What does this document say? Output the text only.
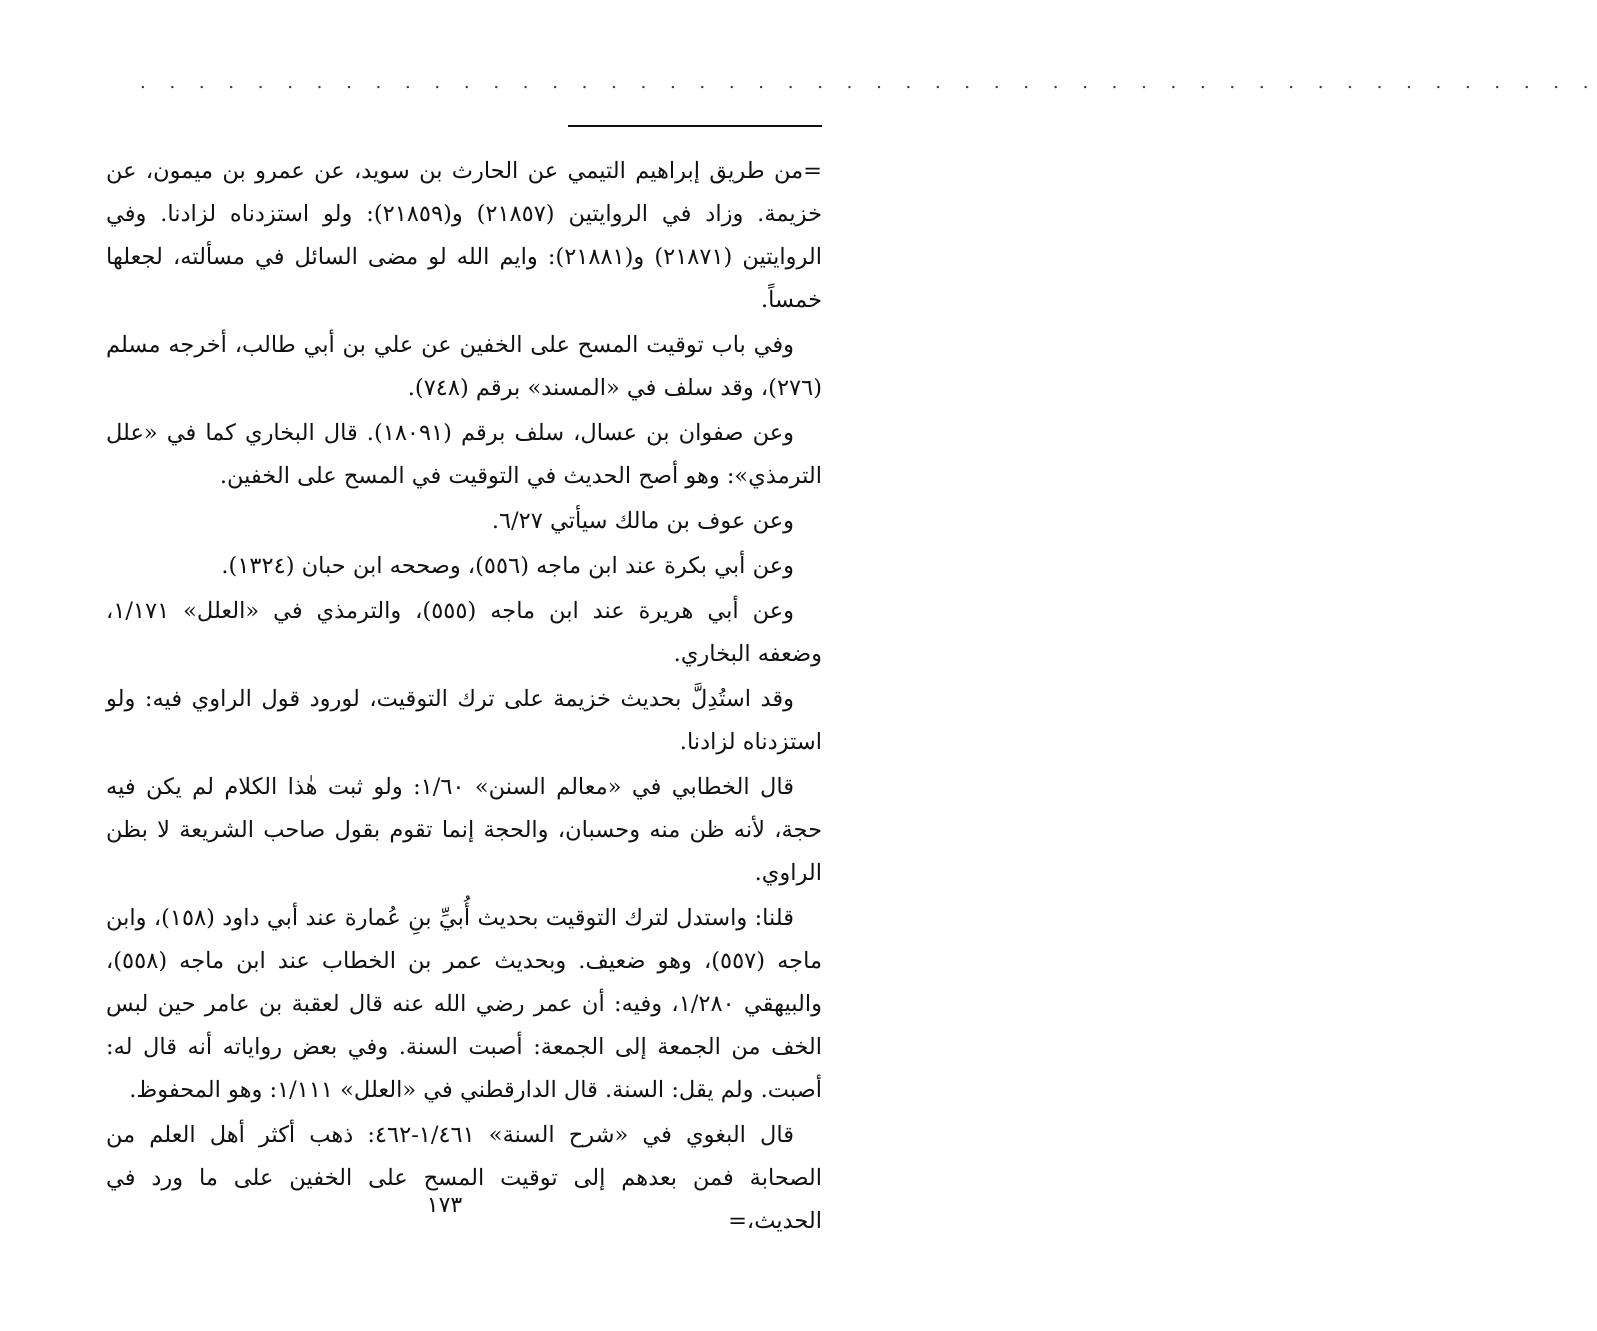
. . . . . . . . . . . . . . . . . . . . . . . . . . . . . . . . . . . . . . . . . . . . . . . . . .

=من طريق إبراهيم التيمي عن الحارث بن سويد، عن عمرو بن ميمون، عن خزيمة. وزاد في الروايتين (٢١٨٥٧) و(٢١٨٥٩): ولو استزدناه لزادنا. وفي الروايتين (٢١٨٧١) و(٢١٨٨١): وايم الله لو مضى السائل في مسألته، لجعلها خمساً.

وفي باب توقيت المسح على الخفين عن علي بن أبي طالب، أخرجه مسلم (٢٧٦)، وقد سلف في «المسند» برقم (٧٤٨).

وعن صفوان بن عسال، سلف برقم (١٨٠٩١). قال البخاري كما في «علل الترمذي»: وهو أصح الحديث في التوقيت في المسح على الخفين.

وعن عوف بن مالك سيأتي ٦/٢٧.

وعن أبي بكرة عند ابن ماجه (٥٥٦)، وصححه ابن حبان (١٣٢٤).

وعن أبي هريرة عند ابن ماجه (٥٥٥)، والترمذي في «العلل» ١/١٧١، وضعفه البخاري.

وقد استُدِلَّ بحديث خزيمة على ترك التوقيت، لورود قول الراوي فيه: ولو استزدناه لزادنا.

قال الخطابي في «معالم السنن» ١/٦٠: ولو ثبت هٰذا الكلام لم يكن فيه حجة، لأنه ظن منه وحسبان، والحجة إنما تقوم بقول صاحب الشريعة لا بظن الراوي.

قلنا: واستدل لترك التوقيت بحديث أُبيِّ بنِ عُمارة عند أبي داود (١٥٨)، وابن ماجه (٥٥٧)، وهو ضعيف. وبحديث عمر بن الخطاب عند ابن ماجه (٥٥٨)، والبيهقي ١/٢٨٠، وفيه: أن عمر رضي الله عنه قال لعقبة بن عامر حين لبس الخف من الجمعة إلى الجمعة: أصبت السنة. وفي بعض رواياته أنه قال له: أصبت. ولم يقل: السنة. قال الدارقطني في «العلل» ١/١١١: وهو المحفوظ.

قال البغوي في «شرح السنة» ١/٤٦١-٤٦٢: ذهب أكثر أهل العلم من الصحابة فمن بعدهم إلى توقيت المسح على الخفين على ما ورد في الحديث،=

١٧٣
